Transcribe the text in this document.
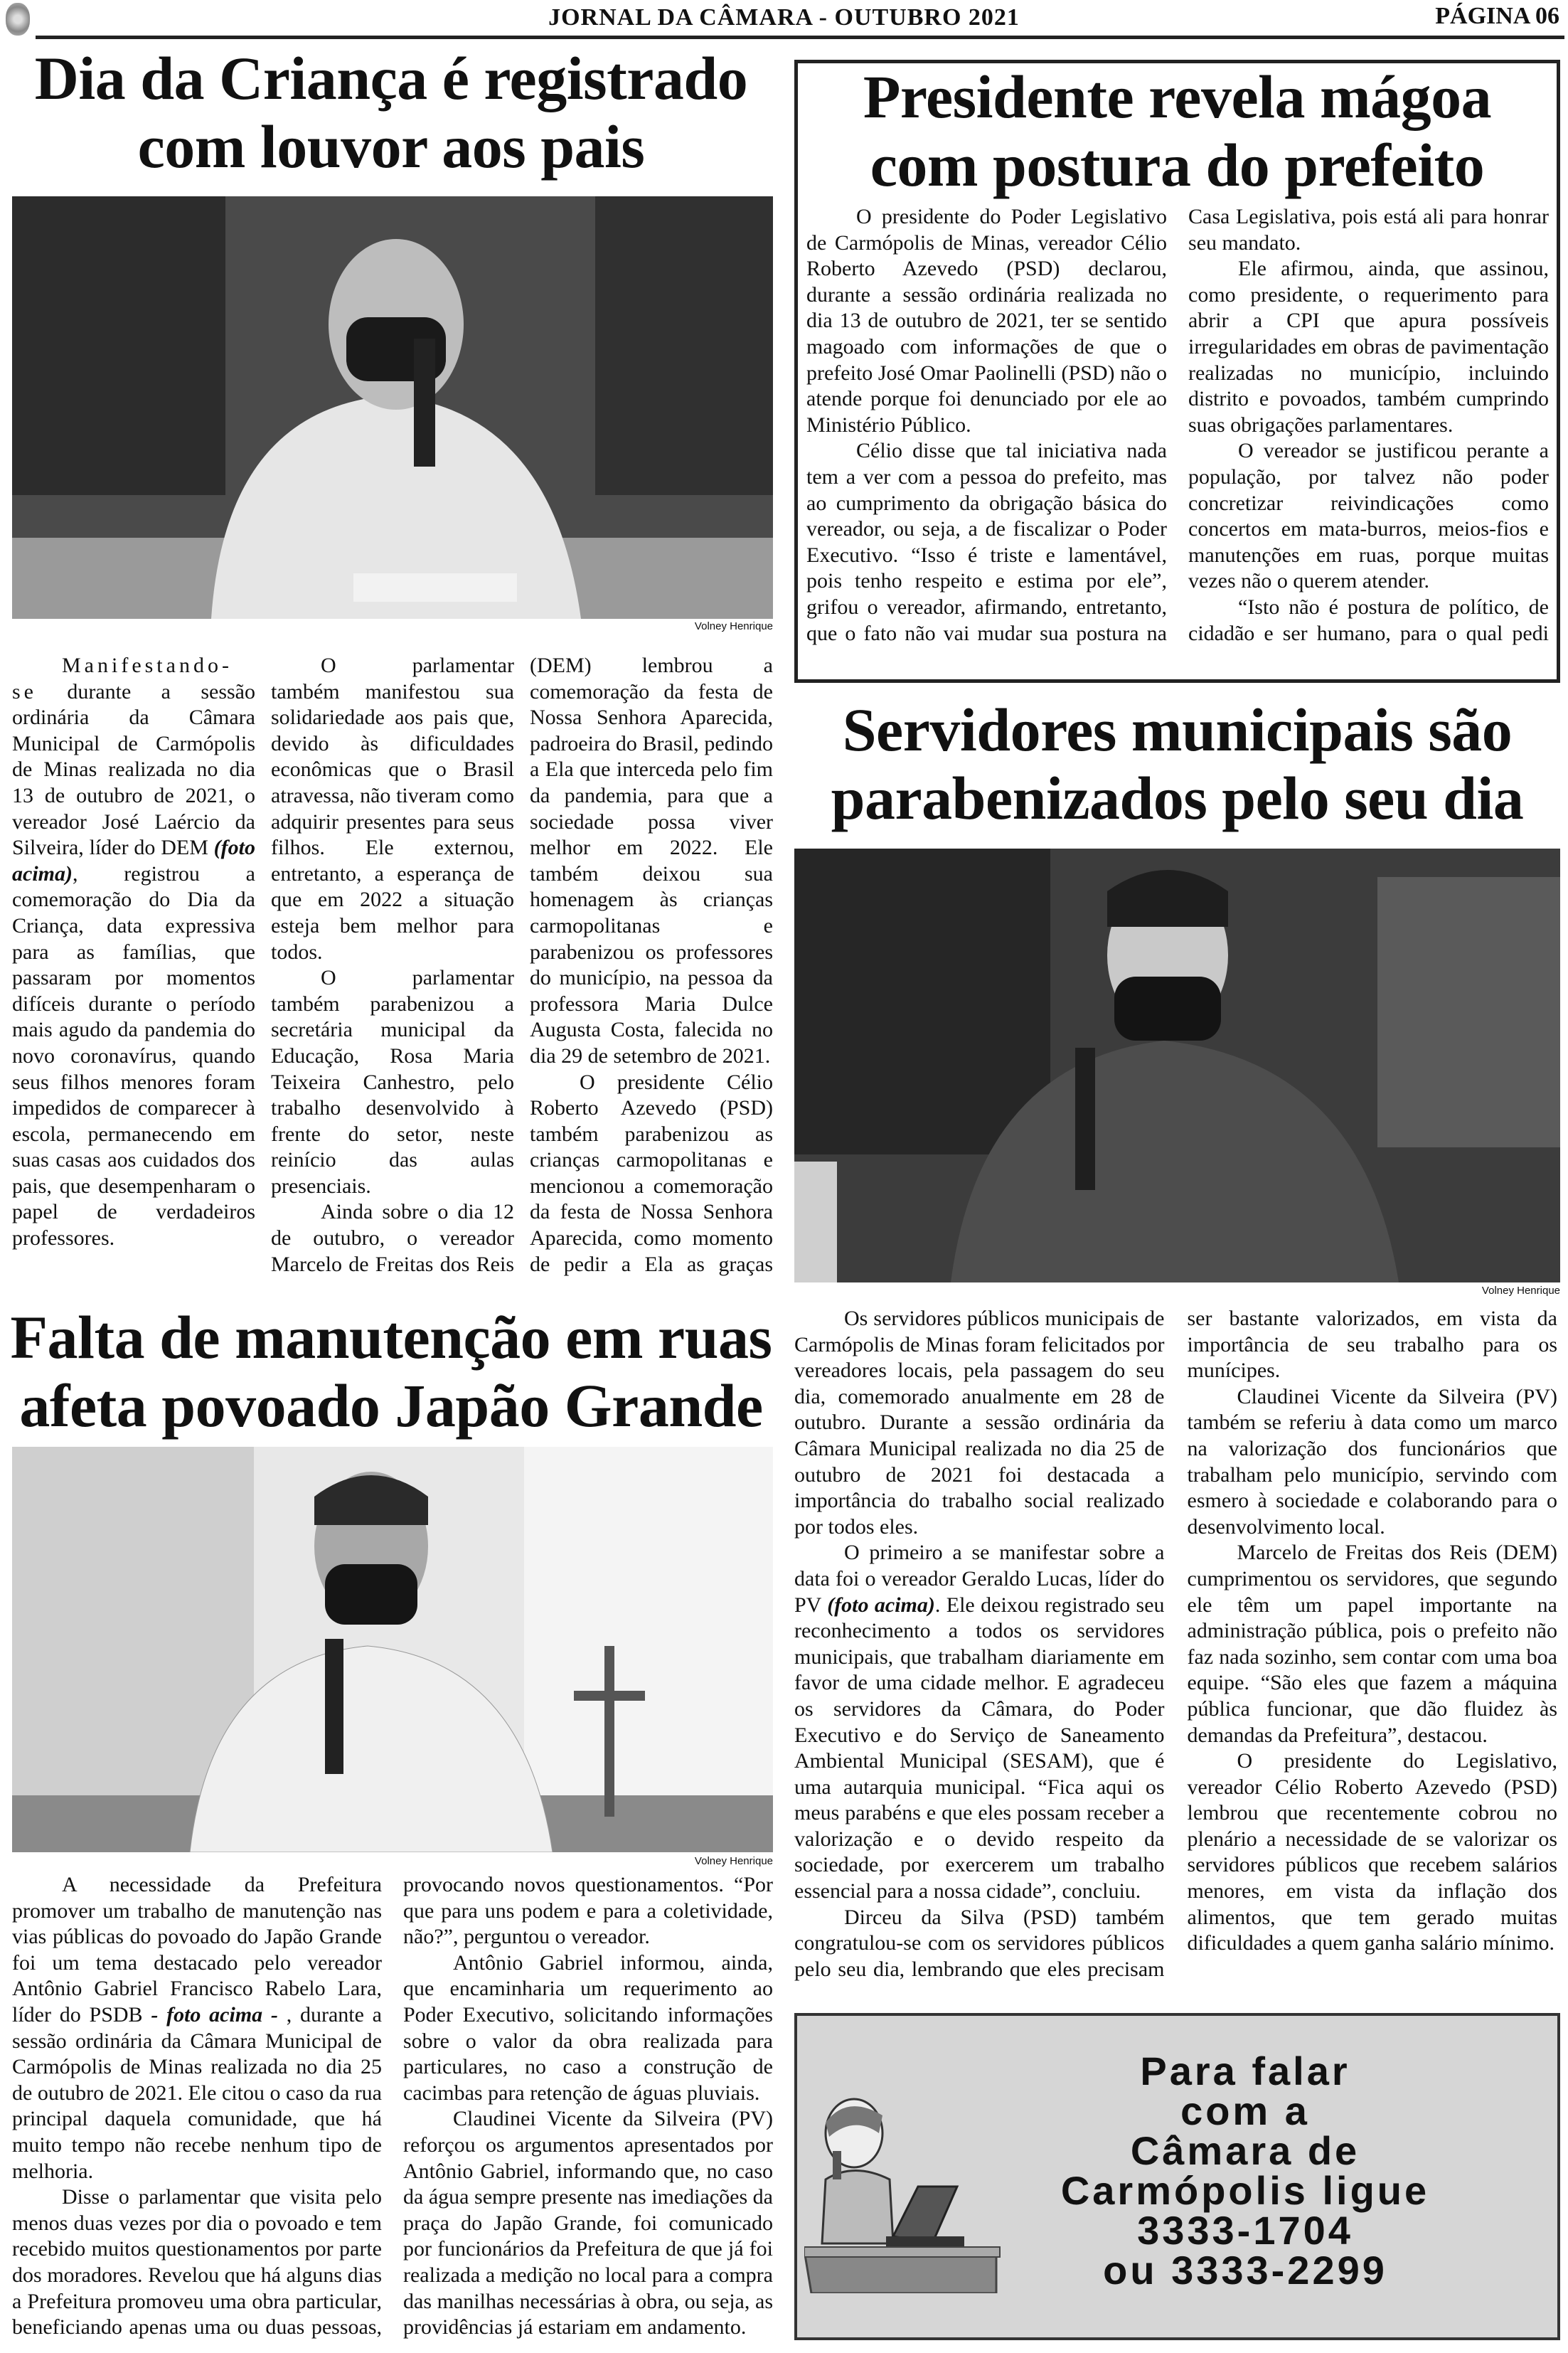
JORNAL DA CÂMARA - OUTUBRO 2021	PÁGINA 06
Dia da Criança é registrado
com louvor aos pais
Volney Henrique

Manifestando-se durante a sessão ordinária da Câmara Municipal de Carmópolis de Minas realizada no dia 13 de outubro de 2021, o vereador José Laércio da Silveira, líder do DEM (foto acima), registrou a comemoração do Dia da Criança, data expressiva para as famílias, que passaram por momentos difíceis durante o período mais agudo da pandemia do novo coronavírus, quando seus filhos menores foram impedidos de comparecer à escola, permanecendo em suas casas aos cuidados dos pais, que desempenharam o papel de verdadeiros professores.

O parlamentar também manifestou sua solidariedade aos pais que, devido às dificuldades econômicas que o Brasil atravessa, não tiveram como adquirir presentes para seus filhos. Ele externou, entretanto, a esperança de que em 2022 a situação esteja bem melhor para todos.

O parlamentar também parabenizou a secretária municipal da Educação, Rosa Maria Teixeira Canhestro, pelo trabalho desenvolvido à frente do setor, neste reinício das aulas presenciais.

Ainda sobre o dia 12 de outubro, o vereador Marcelo de Freitas dos Reis (DEM) lembrou a comemoração da festa de Nossa Senhora Aparecida, padroeira do Brasil, pedindo a Ela que interceda pelo fim da pandemia, para que a sociedade possa viver melhor em 2022. Ele também deixou sua homenagem às crianças carmopolitanas e parabenizou os professores do município, na pessoa da professora Maria Dulce Augusta Costa, falecida no dia 29 de setembro de 2021.

O presidente Célio Roberto Azevedo (PSD) também parabenizou as crianças carmopolitanas e mencionou a comemoração da festa de Nossa Senhora Aparecida, como momento de pedir a Ela as graças

Presidente revela mágoa
com postura do prefeito

O presidente do Poder Legislativo de Carmópolis de Minas, vereador Célio Roberto Azevedo (PSD) declarou, durante a sessão ordinária realizada no dia 13 de outubro de 2021, ter se sentido magoado com informações de que o prefeito José Omar Paolinelli (PSD) não o atende porque foi denunciado por ele ao Ministério Público.

Célio disse que tal iniciativa nada tem a ver com a pessoa do prefeito, mas ao cumprimento da obrigação básica do vereador, ou seja, a de fiscalizar o Poder Executivo. “Isso é triste e lamentável, pois tenho respeito e estima por ele”, grifou o vereador, afirmando, entretanto, que o fato não vai mudar sua postura na Casa Legislativa, pois está ali para honrar seu mandato.

Ele afirmou, ainda, que assinou, como presidente, o requerimento para abrir a CPI que apura possíveis irregularidades em obras de pavimentação realizadas no município, incluindo distrito e povoados, também cumprindo suas obrigações parlamentares.

O vereador se justificou perante a população, por talvez não poder concretizar reivindicações como concertos em mata-burros, meios-fios e manutenções em ruas, porque muitas vezes não o querem atender.

“Isto não é postura de político, de cidadão e ser humano, para o qual pedi

Servidores municipais são
parabenizados pelo seu dia
Volney Henrique

Os servidores públicos municipais de Carmópolis de Minas foram felicitados por vereadores locais, pela passagem do seu dia, comemorado anualmente em 28 de outubro. Durante a sessão ordinária da Câmara Municipal realizada no dia 25 de outubro de 2021 foi destacada a importância do trabalho social realizado por todos eles.

O primeiro a se manifestar sobre a data foi o vereador Geraldo Lucas, líder do PV (foto acima). Ele deixou registrado seu reconhecimento a todos os servidores municipais, que trabalham diariamente em favor de uma cidade melhor. E agradeceu os servidores da Câmara, do Poder Executivo e do Serviço de Saneamento Ambiental Municipal (SESAM), que é uma autarquia municipal. “Fica aqui os meus parabéns e que eles possam receber a valorização e o devido respeito da sociedade, por exercerem um trabalho essencial para a nossa cidade”, concluiu.

Dirceu da Silva (PSD) também congratulou-se com os servidores públicos pelo seu dia, lembrando que eles precisam ser bastante valorizados, em vista da importância de seu trabalho para os munícipes.

Claudinei Vicente da Silveira (PV) também se referiu à data como um marco na valorização dos funcionários que trabalham pelo município, servindo com esmero à sociedade e colaborando para o desenvolvimento local.

Marcelo de Freitas dos Reis (DEM) cumprimentou os servidores, que segundo ele têm um papel importante na administração pública, pois o prefeito não faz nada sozinho, sem contar com uma boa equipe. “São eles que fazem a máquina pública funcionar, que dão fluidez às demandas da Prefeitura”, destacou.

O presidente do Legislativo, vereador Célio Roberto Azevedo (PSD) lembrou que recentemente cobrou no plenário a necessidade de se valorizar os servidores públicos que recebem salários menores, em vista da inflação dos alimentos, que tem gerado muitas dificuldades a quem ganha salário mínimo.

Falta de manutenção em ruas
afeta povoado Japão Grande
Volney Henrique

A necessidade da Prefeitura promover um trabalho de manutenção nas vias públicas do povoado do Japão Grande foi um tema destacado pelo vereador Antônio Gabriel Francisco Rabelo Lara, líder do PSDB - foto acima - , durante a sessão ordinária da Câmara Municipal de Carmópolis de Minas realizada no dia 25 de outubro de 2021. Ele citou o caso da rua principal daquela comunidade, que há muito tempo não recebe nenhum tipo de melhoria.

Disse o parlamentar que visita pelo menos duas vezes por dia o povoado e tem recebido muitos questionamentos por parte dos moradores. Revelou que há alguns dias a Prefeitura promoveu uma obra particular, beneficiando apenas uma ou duas pessoas, provocando novos questionamentos. “Por que para uns podem e para a coletividade, não?”, perguntou o vereador.

Antônio Gabriel informou, ainda, que encaminharia um requerimento ao Poder Executivo, solicitando informações sobre o valor da obra realizada para particulares, no caso a construção de cacimbas para retenção de águas pluviais.

Claudinei Vicente da Silveira (PV) reforçou os argumentos apresentados por Antônio Gabriel, informando que, no caso da água sempre presente nas imediações da praça do Japão Grande, foi comunicado por funcionários da Prefeitura de que já foi realizada a medição no local para a compra das manilhas necessárias à obra, ou seja, as providências já estariam em andamento.

Para falar
com a
Câmara de
Carmópolis ligue
3333-1704
ou 3333-2299
